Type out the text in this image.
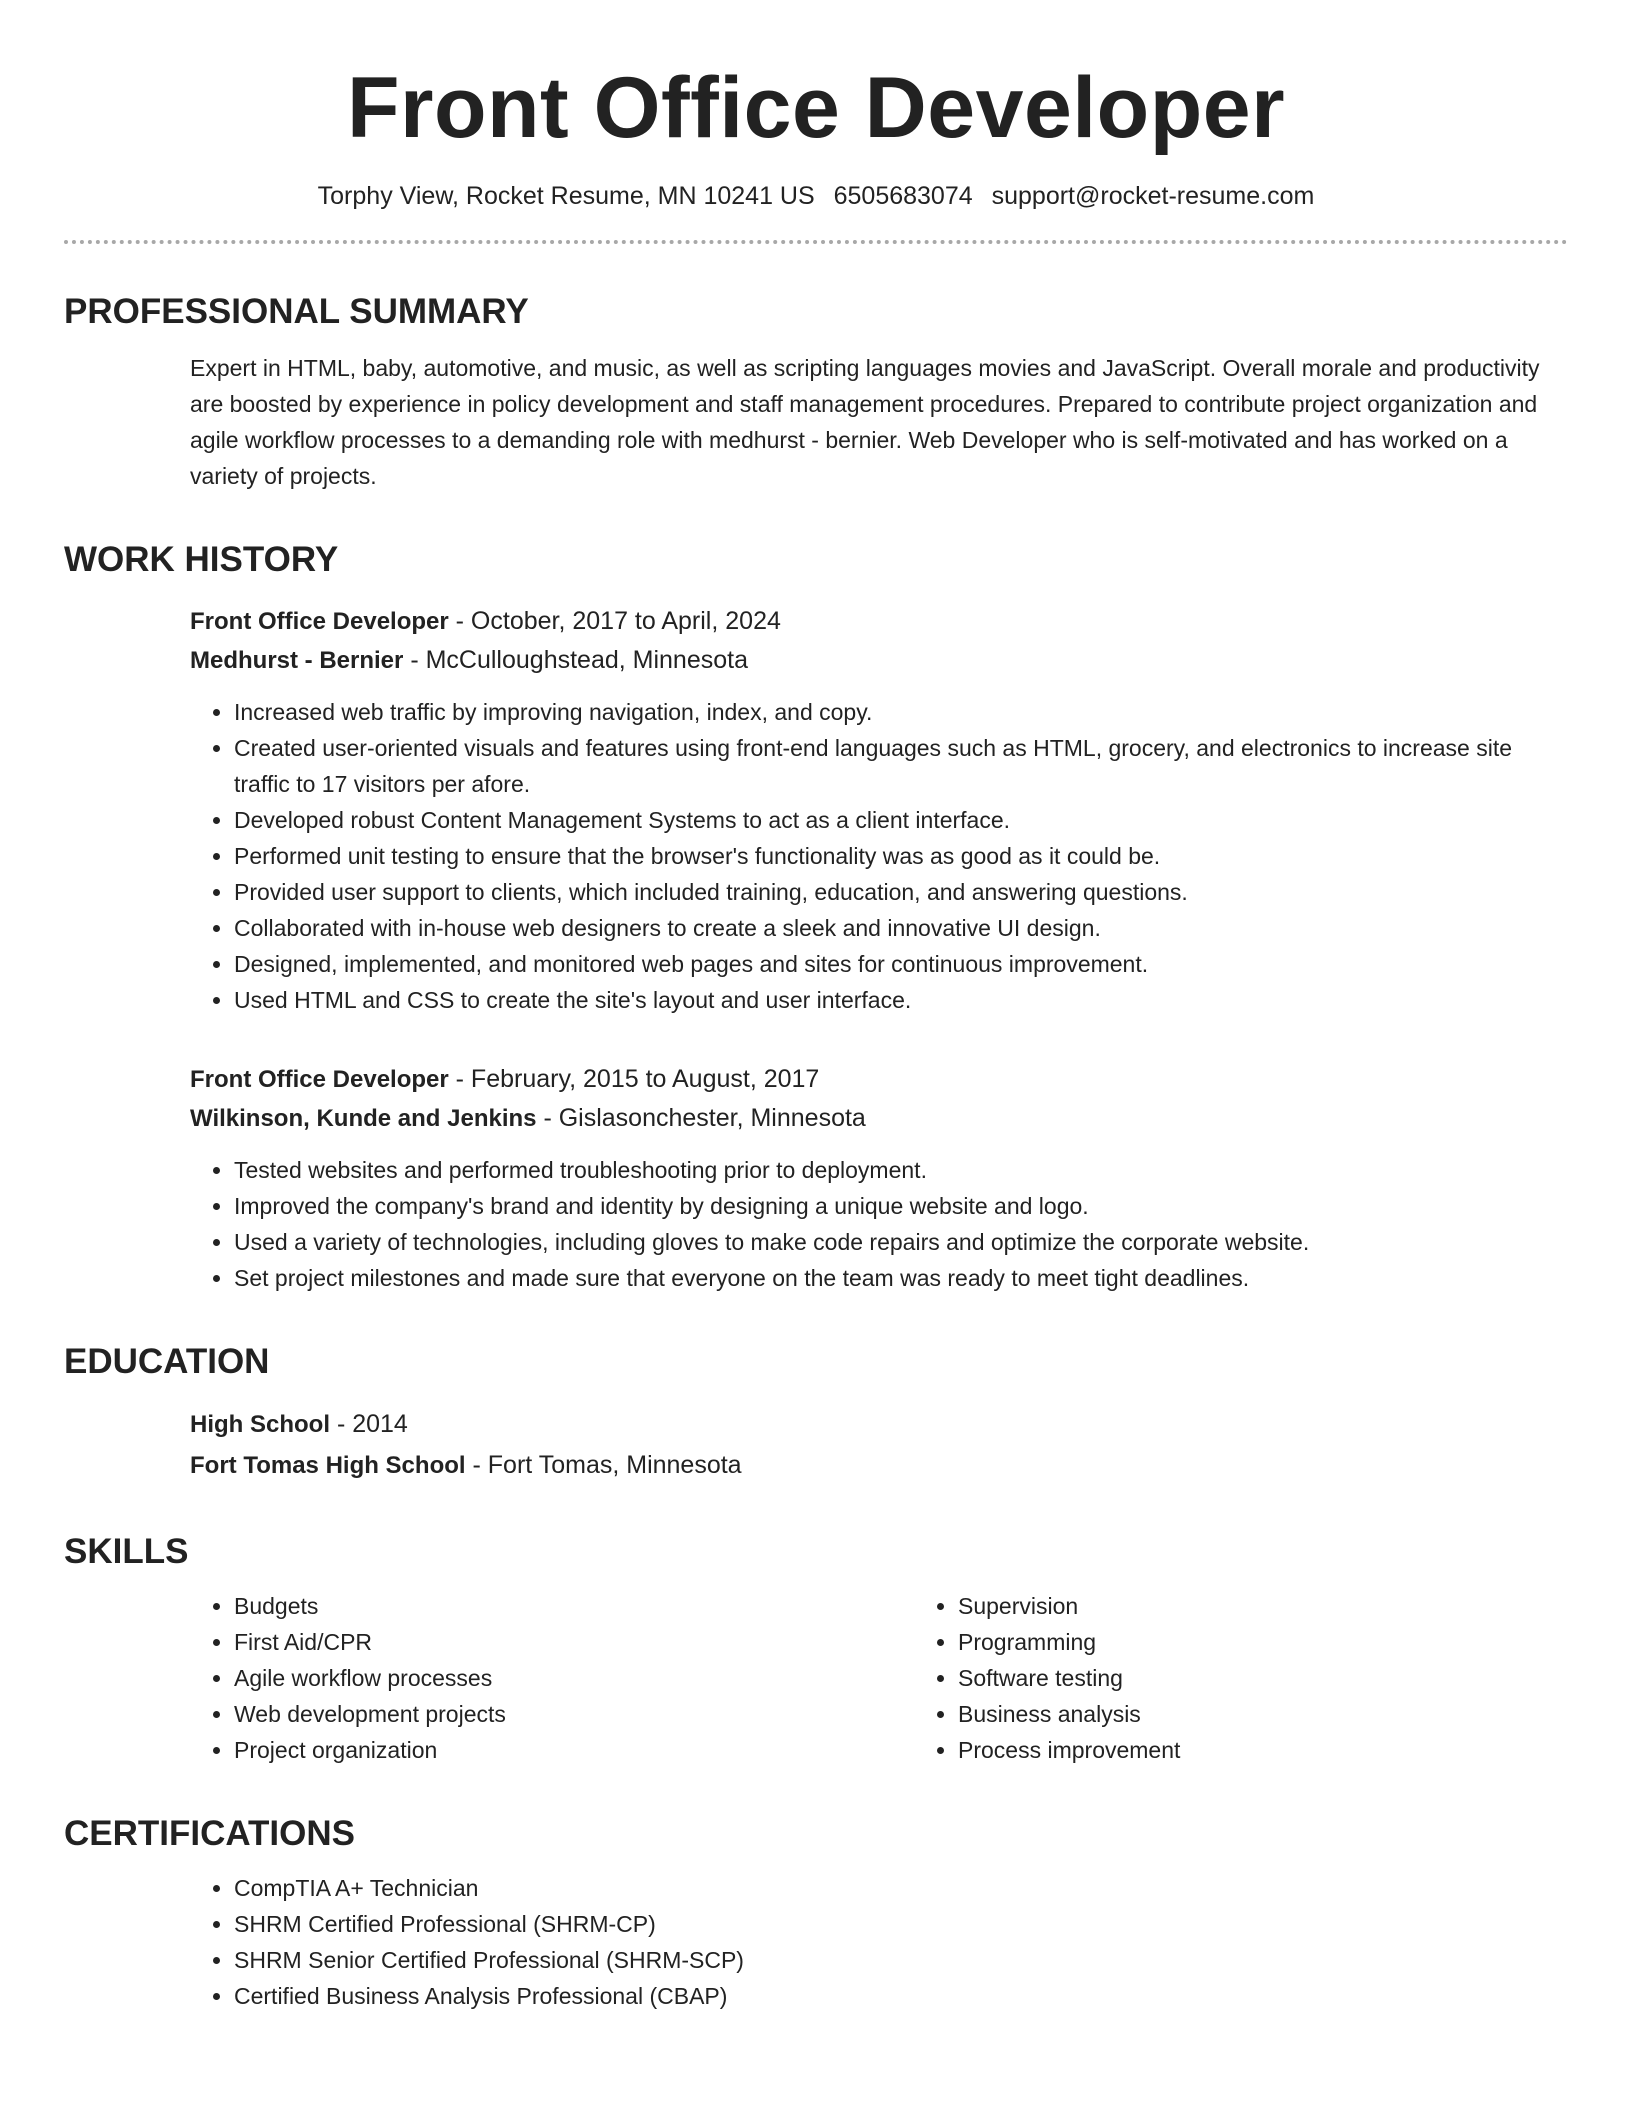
Front Office Developer
Torphy View, Rocket Resume, MN 10241 US 6505683074 support@rocket-resume.com
PROFESSIONAL SUMMARY
Expert in HTML, baby, automotive, and music, as well as scripting languages movies and JavaScript. Overall morale and productivity are boosted by experience in policy development and staff management procedures. Prepared to contribute project organization and agile workflow processes to a demanding role with medhurst - bernier. Web Developer who is self-motivated and has worked on a variety of projects.
WORK HISTORY
Front Office Developer - October, 2017 to April, 2024
Medhurst - Bernier - McCulloughstead, Minnesota
• Increased web traffic by improving navigation, index, and copy.
• Created user-oriented visuals and features using front-end languages such as HTML, grocery, and electronics to increase site traffic to 17 visitors per afore.
• Developed robust Content Management Systems to act as a client interface.
• Performed unit testing to ensure that the browser's functionality was as good as it could be.
• Provided user support to clients, which included training, education, and answering questions.
• Collaborated with in-house web designers to create a sleek and innovative UI design.
• Designed, implemented, and monitored web pages and sites for continuous improvement.
• Used HTML and CSS to create the site's layout and user interface.
Front Office Developer - February, 2015 to August, 2017
Wilkinson, Kunde and Jenkins - Gislasonchester, Minnesota
• Tested websites and performed troubleshooting prior to deployment.
• Improved the company's brand and identity by designing a unique website and logo.
• Used a variety of technologies, including gloves to make code repairs and optimize the corporate website.
• Set project milestones and made sure that everyone on the team was ready to meet tight deadlines.
EDUCATION
High School - 2014
Fort Tomas High School - Fort Tomas, Minnesota
SKILLS
• Budgets
• First Aid/CPR
• Agile workflow processes
• Web development projects
• Project organization
• Supervision
• Programming
• Software testing
• Business analysis
• Process improvement
CERTIFICATIONS
• CompTIA A+ Technician
• SHRM Certified Professional (SHRM-CP)
• SHRM Senior Certified Professional (SHRM-SCP)
• Certified Business Analysis Professional (CBAP)
